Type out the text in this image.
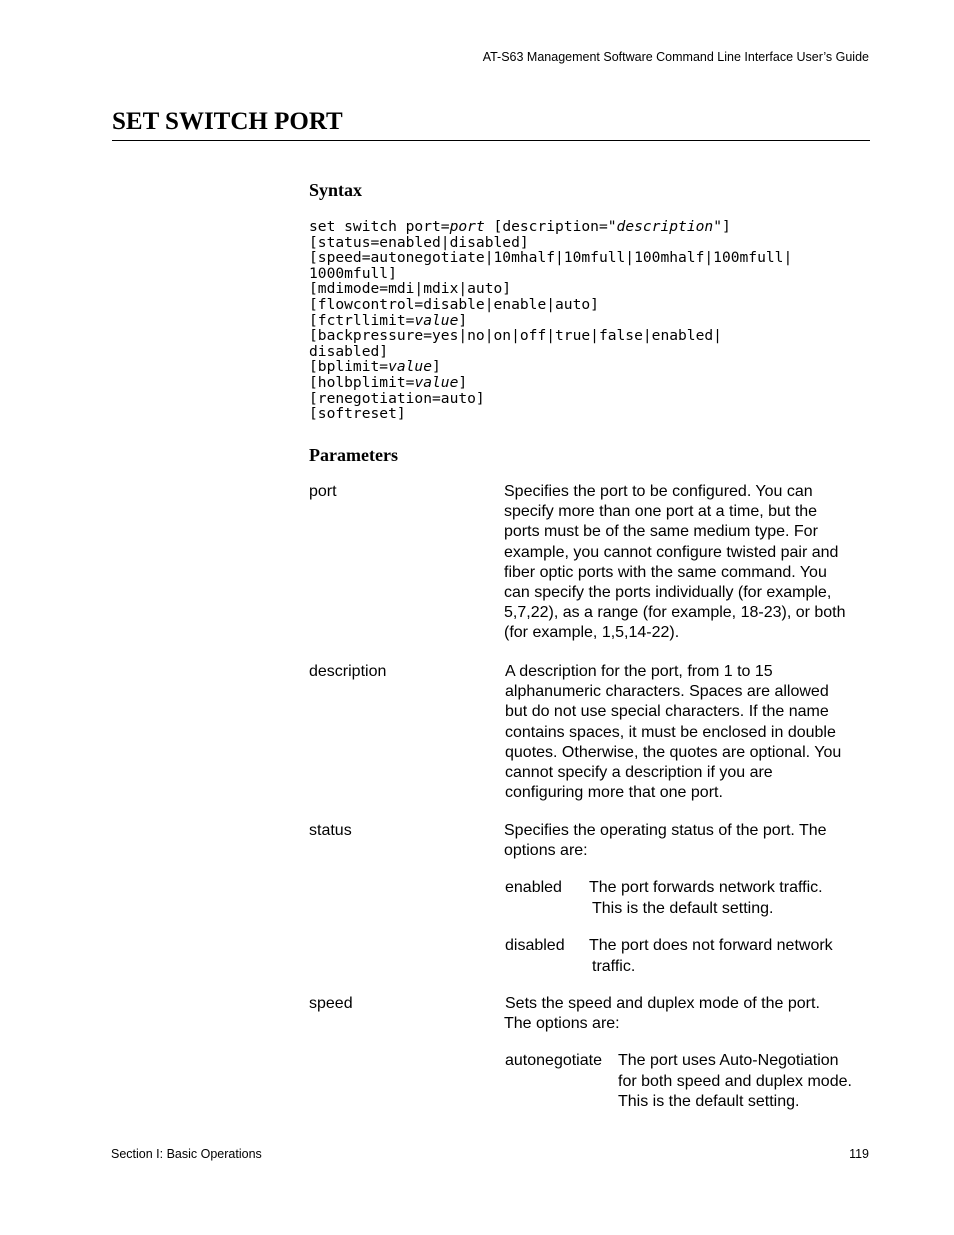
AT-S63 Management Software Command Line Interface User’s Guide
SET SWITCH PORT
Syntax
set switch port=port [description="description"]
[status=enabled|disabled]
[speed=autonegotiate|10mhalf|10mfull|100mhalf|100mfull|
1000mfull]
[mdimode=mdi|mdix|auto]
[flowcontrol=disable|enable|auto]
[fctrllimit=value]
[backpressure=yes|no|on|off|true|false|enabled|
disabled]
[bplimit=value]
[holbplimit=value]
[renegotiation=auto]
[softreset]
Parameters
port	Specifies the port to be configured. You can
specify more than one port at a time, but the
ports must be of the same medium type. For
example, you cannot configure twisted pair and
fiber optic ports with the same command. You
can specify the ports individually (for example,
5,7,22), as a range (for example, 18-23), or both
(for example, 1,5,14-22).
description	A description for the port, from 1 to 15
alphanumeric characters. Spaces are allowed
but do not use special characters. If the name
contains spaces, it must be enclosed in double
quotes. Otherwise, the quotes are optional. You
cannot specify a description if you are
configuring more that one port.
status	Specifies the operating status of the port. The
options are:
enabled The port forwards network traffic.
This is the default setting.
disabled The port does not forward network
traffic.
speed	Sets the speed and duplex mode of the port.
The options are:
autonegotiate The port uses Auto-Negotiation
for both speed and duplex mode.
This is the default setting.
Section I: Basic Operations	119
